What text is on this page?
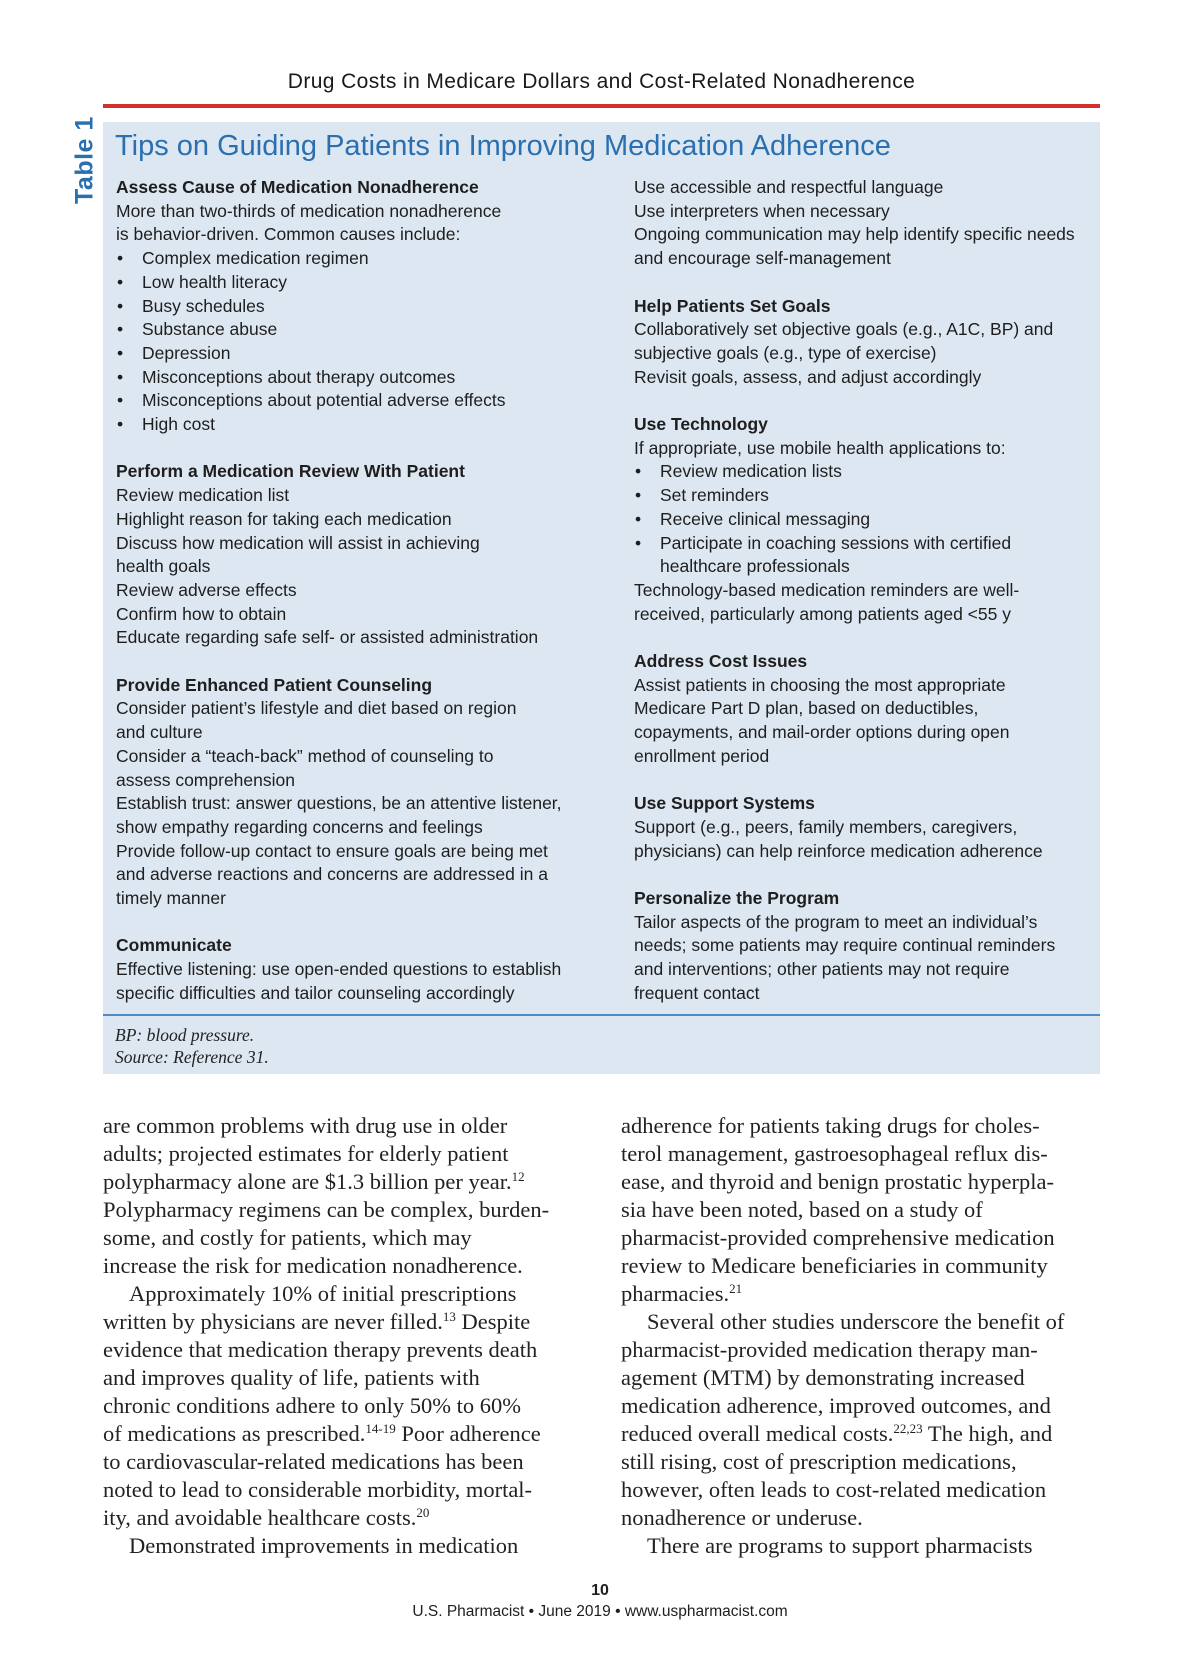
Drug Costs in Medicare Dollars and Cost-Related Nonadherence
Table 1 Tips on Guiding Patients in Improving Medication Adherence
Assess Cause of Medication Nonadherence
More than two-thirds of medication nonadherence
is behavior-driven. Common causes include:
• Complex medication regimen
• Low health literacy
• Busy schedules
• Substance abuse
• Depression
• Misconceptions about therapy outcomes
• Misconceptions about potential adverse effects
• High cost
Perform a Medication Review With Patient
Review medication list
Highlight reason for taking each medication
Discuss how medication will assist in achieving
health goals
Review adverse effects
Confirm how to obtain
Educate regarding safe self- or assisted administration
Provide Enhanced Patient Counseling
Consider patient’s lifestyle and diet based on region
and culture
Consider a “teach-back” method of counseling to
assess comprehension
Establish trust: answer questions, be an attentive listener,
show empathy regarding concerns and feelings
Provide follow-up contact to ensure goals are being met
and adverse reactions and concerns are addressed in a
timely manner
Communicate
Effective listening: use open-ended questions to establish
specific difficulties and tailor counseling accordingly
Use accessible and respectful language
Use interpreters when necessary
Ongoing communication may help identify specific needs
and encourage self-management
Help Patients Set Goals
Collaboratively set objective goals (e.g., A1C, BP) and
subjective goals (e.g., type of exercise)
Revisit goals, assess, and adjust accordingly
Use Technology
If appropriate, use mobile health applications to:
• Review medication lists
• Set reminders
• Receive clinical messaging
• Participate in coaching sessions with certified
healthcare professionals
Technology-based medication reminders are well-
received, particularly among patients aged <55 y
Address Cost Issues
Assist patients in choosing the most appropriate
Medicare Part D plan, based on deductibles,
copayments, and mail-order options during open
enrollment period
Use Support Systems
Support (e.g., peers, family members, caregivers,
physicians) can help reinforce medication adherence
Personalize the Program
Tailor aspects of the program to meet an individual’s
needs; some patients may require continual reminders
and interventions; other patients may not require
frequent contact
BP: blood pressure.
Source: Reference 31.
are common problems with drug use in older
adults; projected estimates for elderly patient
polypharmacy alone are $1.3 billion per year.$^{12}$
Polypharmacy regimens can be complex, burden-
some, and costly for patients, which may
increase the risk for medication nonadherence.
Approximately 10% of initial prescriptions
written by physicians are never filled.$^{13}$ Despite
evidence that medication therapy prevents death
and improves quality of life, patients with
chronic conditions adhere to only 50% to 60%
of medications as prescribed.$^{14-19}$ Poor adherence
to cardiovascular-related medications has been
noted to lead to considerable morbidity, mortal-
ity, and avoidable healthcare costs.$^{20}$
Demonstrated improvements in medication
adherence for patients taking drugs for choles-
terol management, gastroesophageal reflux dis-
ease, and thyroid and benign prostatic hyperpla-
sia have been noted, based on a study of
pharmacist-provided comprehensive medication
review to Medicare beneficiaries in community
pharmacies.$^{21}$
Several other studies underscore the benefit of
pharmacist-provided medication therapy man-
agement (MTM) by demonstrating increased
medication adherence, improved outcomes, and
reduced overall medical costs.$^{22,23}$ The high, and
still rising, cost of prescription medications,
however, often leads to cost-related medication
nonadherence or underuse.
There are programs to support pharmacists
10
U.S. Pharmacist • June 2019 • www.uspharmacist.com
